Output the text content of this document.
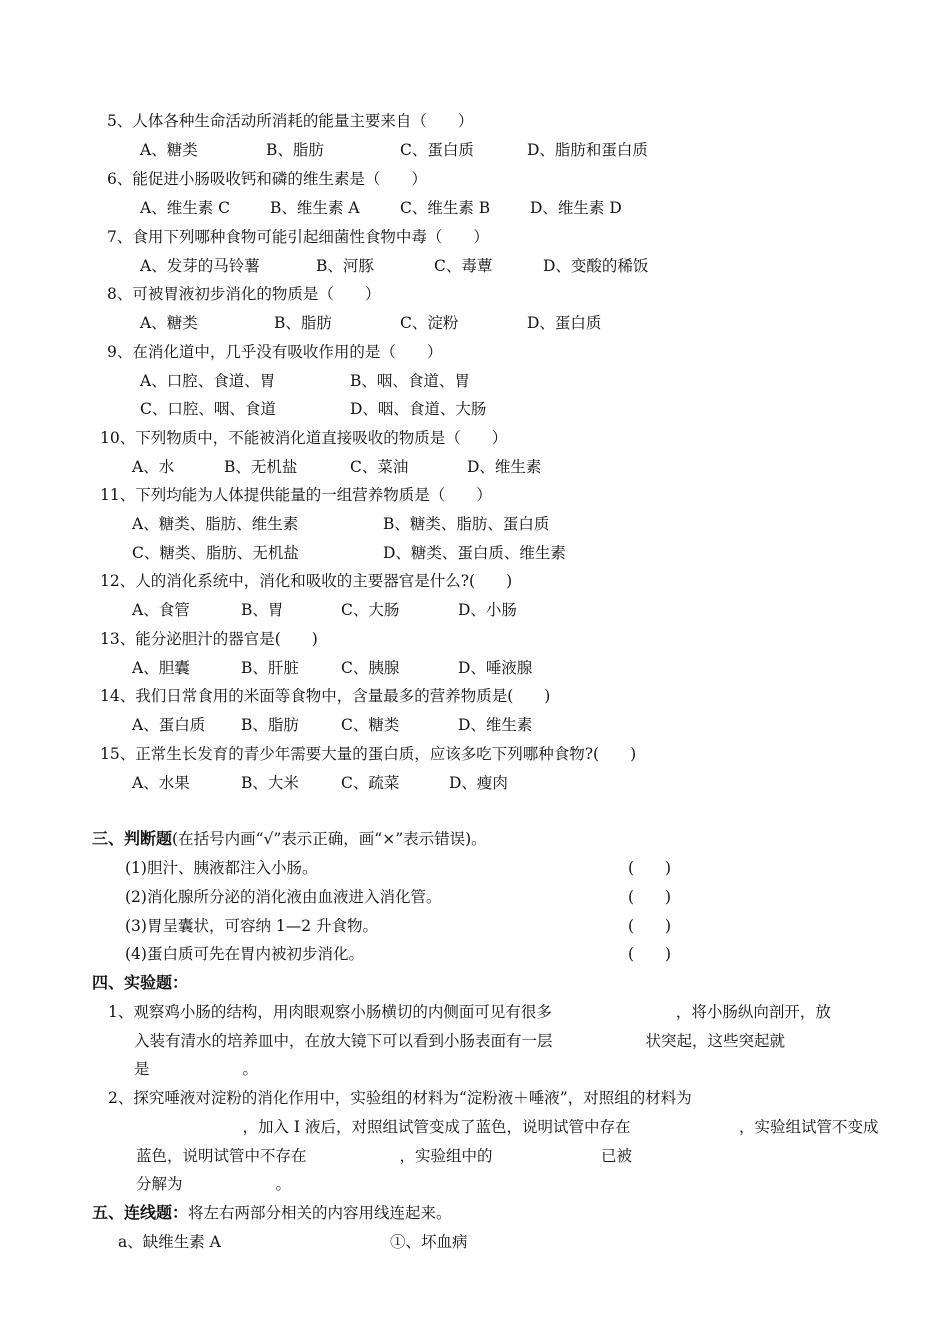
5、人体各种生命活动所消耗的能量主要来自（　　）
A、糖类	B、脂肪	C、蛋白质	D、脂肪和蛋白质
6、能促进小肠吸收钙和磷的维生素是（　　）
A、维生素 C	B、维生素 A	C、维生素 B	D、维生素 D
7、食用下列哪种食物可能引起细菌性食物中毒（　　）
A、发芽的马铃薯	B、河豚	C、毒蕈	D、变酸的稀饭
8、可被胃液初步消化的物质是（　　）
A、糖类	B、脂肪	C、淀粉	D、蛋白质
9、在消化道中，几乎没有吸收作用的是（　　）
A、口腔、食道、胃	B、咽、食道、胃
C、口腔、咽、食道	D、咽、食道、大肠
10、下列物质中，不能被消化道直接吸收的物质是（　　）
A、水	B、无机盐	C、菜油	D、维生素
11、下列均能为人体提供能量的一组营养物质是（　　）
A、糖类、脂肪、维生素	B、糖类、脂肪、蛋白质
C、糖类、脂肪、无机盐	D、糖类、蛋白质、维生素
12、人的消化系统中，消化和吸收的主要器官是什么?(　　)
A、食管	B、胃	C、大肠	D、小肠
13、能分泌胆汁的器官是(　　)
A、胆囊	B、肝脏	C、胰腺	D、唾液腺
14、我们日常食用的米面等食物中，含量最多的营养物质是(　　)
A、蛋白质 B、脂肪	C、糖类	D、维生素
15、正常生长发育的青少年需要大量的蛋白质，应该多吃下列哪种食物?(　　)
A、水果	B、大米	C、疏菜	D、瘦肉
三、判断题(在括号内画“√”表示正确，画“×”表示错误)。
(1)胆汁、胰液都注入小肠。	(　　)
(2)消化腺所分泌的消化液由血液进入消化管。	(　　)
(3)胃呈囊状，可容纳 1—2 升食物。	(　　)
(4)蛋白质可先在胃内被初步消化。	(　　)
四、实验题：
1、观察鸡小肠的结构，用肉眼观察小肠横切的内侧面可见有很多　　　　　　　　，将小肠纵向剖开，放
入装有清水的培养皿中，在放大镜下可以看到小肠表面有一层　　　　　　状突起，这些突起就
是　　　　　　。
2、探究唾液对淀粉的消化作用中，实验组的材料为“淀粉液＋唾液”，对照组的材料为
　　　　　　　，加入 I 液后，对照组试管变成了蓝色，说明试管中存在　　　　　　　，实验组试管不变成
蓝色，说明试管中不存在　　　　　　，实验组中的　　　　　　　已被
分解为　　　　　　。
五、连线题：将左右两部分相关的内容用线连起来。
a、缺维生素 A	①、坏血病
